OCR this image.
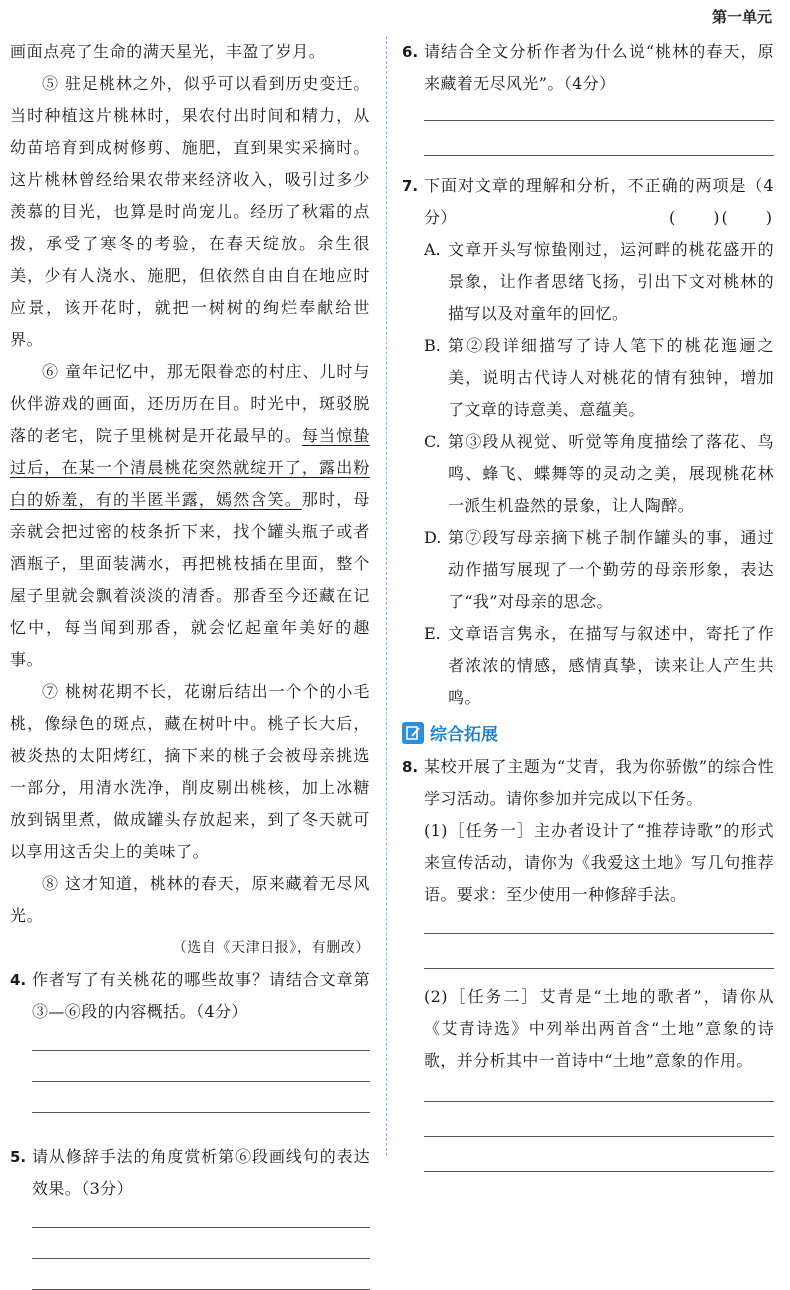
第一单元

画面点亮了生命的满天星光，丰盈了岁月。

⑤ 驻足桃林之外，似乎可以看到历史变迁。当时种植这片桃林时，果农付出时间和精力，从幼苗培育到成树修剪、施肥，直到果实采摘时。这片桃林曾经给果农带来经济收入，吸引过多少羡慕的目光，也算是时尚宠儿。经历了秋霜的点拨，承受了寒冬的考验，在春天绽放。余生很美，少有人浇水、施肥，但依然自由自在地应时应景，该开花时，就把一树树的绚烂奉献给世界。

⑥ 童年记忆中，那无限眷恋的村庄、儿时与伙伴游戏的画面，还历历在目。时光中，斑驳脱落的老宅，院子里桃树是开花最早的。每当惊蛰过后，在某一个清晨桃花突然就绽开了，露出粉白的娇羞，有的半匿半露，嫣然含笑。那时，母亲就会把过密的枝条折下来，找个罐头瓶子或者酒瓶子，里面装满水，再把桃枝插在里面，整个屋子里就会飘着淡淡的清香。那香至今还藏在记忆中，每当闻到那香，就会忆起童年美好的趣事。

⑦ 桃树花期不长，花谢后结出一个个的小毛桃，像绿色的斑点，藏在树叶中。桃子长大后，被炎热的太阳烤红，摘下来的桃子会被母亲挑选一部分，用清水洗净，削皮剔出桃核，加上冰糖放到锅里煮，做成罐头存放起来，到了冬天就可以享用这舌尖上的美味了。

⑧ 这才知道，桃林的春天，原来藏着无尽风光。

（选自《天津日报》，有删改）

4. 作者写了有关桃花的哪些故事？请结合文章第③—⑥段的内容概括。（4分）
5. 请从修辞手法的角度赏析第⑥段画线句的表达效果。（3分）
6. 请结合全文分析作者为什么说“桃林的春天，原来藏着无尽风光”。（4分）
7. 下面对文章的理解和分析，不正确的两项是（4分）	(　　)(　　)
A. 文章开头写惊蛰刚过，运河畔的桃花盛开的景象，让作者思绪飞扬，引出下文对桃林的描写以及对童年的回忆。
B. 第②段详细描写了诗人笔下的桃花迤逦之美，说明古代诗人对桃花的情有独钟，增加了文章的诗意美、意蕴美。
C. 第③段从视觉、听觉等角度描绘了落花、鸟鸣、蜂飞、蝶舞等的灵动之美，展现桃花林一派生机盎然的景象，让人陶醉。
D. 第⑦段写母亲摘下桃子制作罐头的事，通过动作描写展现了一个勤劳的母亲形象，表达了“我”对母亲的思念。
E. 文章语言隽永，在描写与叙述中，寄托了作者浓浓的情感，感情真挚，读来让人产生共鸣。
综合拓展
8. 某校开展了主题为“艾青，我为你骄傲”的综合性学习活动。请你参加并完成以下任务。
(1)［任务一］主办者设计了“推荐诗歌”的形式来宣传活动，请你为《我爱这土地》写几句推荐语。要求：至少使用一种修辞手法。
(2)［任务二］艾青是“土地的歌者”，请你从《艾青诗选》中列举出两首含“土地”意象的诗歌，并分析其中一首诗中“土地”意象的作用。
